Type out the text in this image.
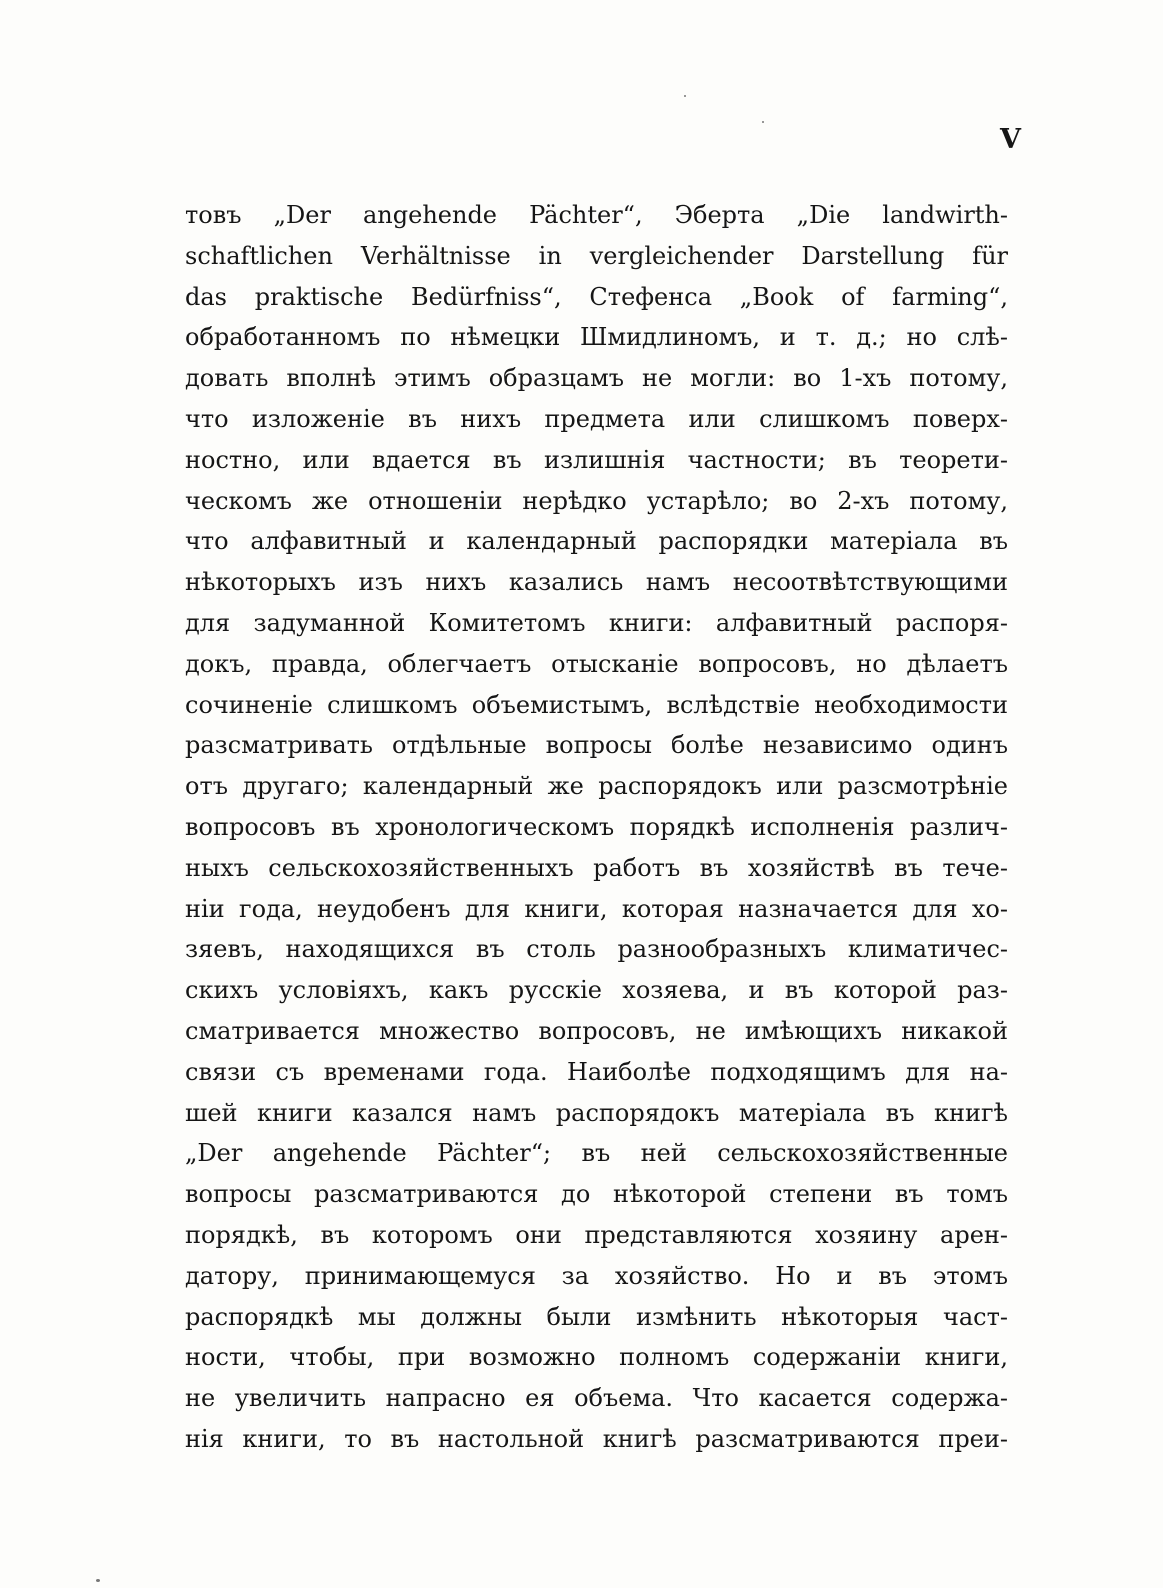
V
товъ „Der angehende Pächter“, Эберта „Die landwirth-
schaftlichen Verhältnisse in vergleichender Darstellung für
das praktische Bedürfniss“, Стефенса „Book of farming“,
обработанномъ по нѣмецки Шмидлиномъ, и т. д.; но слѣ-
довать вполнѣ этимъ образцамъ не могли: во 1-хъ потому,
что изложеніе въ нихъ предмета или слишкомъ поверх-
ностно, или вдается въ излишнія частности; въ теорети-
ческомъ же отношеніи нерѣдко устарѣло; во 2-хъ потому,
что алфавитный и календарный распорядки матеріала въ
нѣкоторыхъ изъ нихъ казались намъ несоотвѣтствующими
для задуманной Комитетомъ книги: алфавитный распоря-
докъ, правда, облегчаетъ отысканіе вопросовъ, но дѣлаетъ
сочиненіе слишкомъ объемистымъ, вслѣдствіе необходимости
разсматривать отдѣльные вопросы болѣе независимо одинъ
отъ другаго; календарный же распорядокъ или разсмотрѣніе
вопросовъ въ хронологическомъ порядкѣ исполненія различ-
ныхъ сельскохозяйственныхъ работъ въ хозяйствѣ въ тече-
ніи года, неудобенъ для книги, которая назначается для хо-
зяевъ, находящихся въ столь разнообразныхъ климатичес-
скихъ условіяхъ, какъ русскіе хозяева, и въ которой раз-
сматривается множество вопросовъ, не имѣющихъ никакой
связи съ временами года. Наиболѣе подходящимъ для на-
шей книги казался намъ распорядокъ матеріала въ книгѣ
„Der angehende Pächter“; въ ней сельскохозяйственные
вопросы разсматриваются до нѣкоторой степени въ томъ
порядкѣ, въ которомъ они представляются хозяину арен-
датору, принимающемуся за хозяйство. Но и въ этомъ
распорядкѣ мы должны были измѣнить нѣкоторыя част-
ности, чтобы, при возможно полномъ содержаніи книги,
не увеличить напрасно ея объема. Что касается содержа-
нія книги, то въ настольной книгѣ разсматриваются преи-
